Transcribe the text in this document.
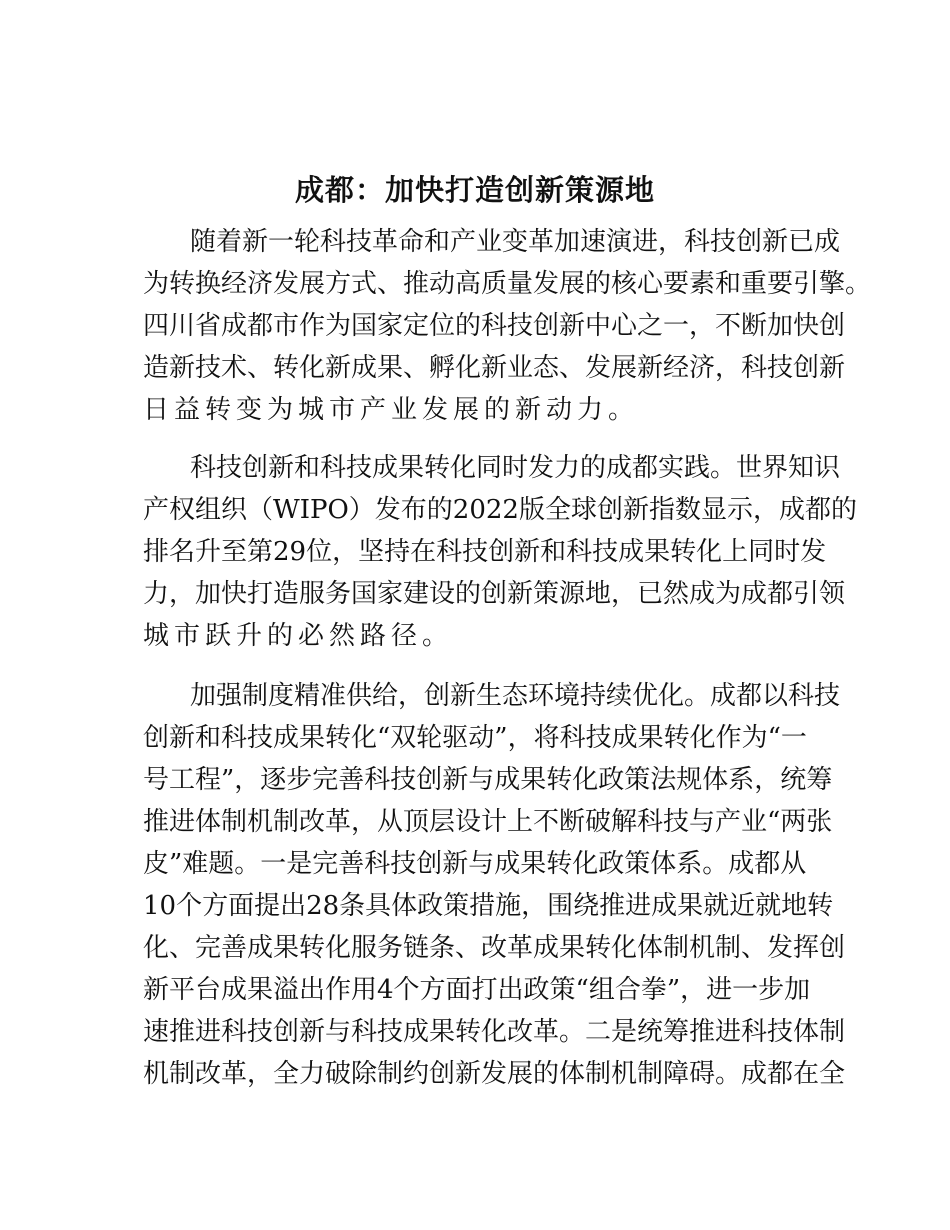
成都：加快打造创新策源地
随着新一轮科技革命和产业变革加速演进，科技创新已成
为转换经济发展方式、推动高质量发展的核心要素和重要引擎。
四川省成都市作为国家定位的科技创新中心之一，不断加快创
造新技术、转化新成果、孵化新业态、发展新经济，科技创新
日益转变为城市产业发展的新动力。
科技创新和科技成果转化同时发力的成都实践。世界知识
产权组织（WIPO）发布的2022版全球创新指数显示，成都的
排名升至第29位，坚持在科技创新和科技成果转化上同时发
力，加快打造服务国家建设的创新策源地，已然成为成都引领
城市跃升的必然路径。
加强制度精准供给，创新生态环境持续优化。成都以科技
创新和科技成果转化“双轮驱动”，将科技成果转化作为“一
号工程”，逐步完善科技创新与成果转化政策法规体系，统筹
推进体制机制改革，从顶层设计上不断破解科技与产业“两张
皮”难题。一是完善科技创新与成果转化政策体系。成都从
10个方面提出28条具体政策措施，围绕推进成果就近就地转
化、完善成果转化服务链条、改革成果转化体制机制、发挥创
新平台成果溢出作用4个方面打出政策“组合拳”，进一步加
速推进科技创新与科技成果转化改革。二是统筹推进科技体制
机制改革，全力破除制约创新发展的体制机制障碍。成都在全
